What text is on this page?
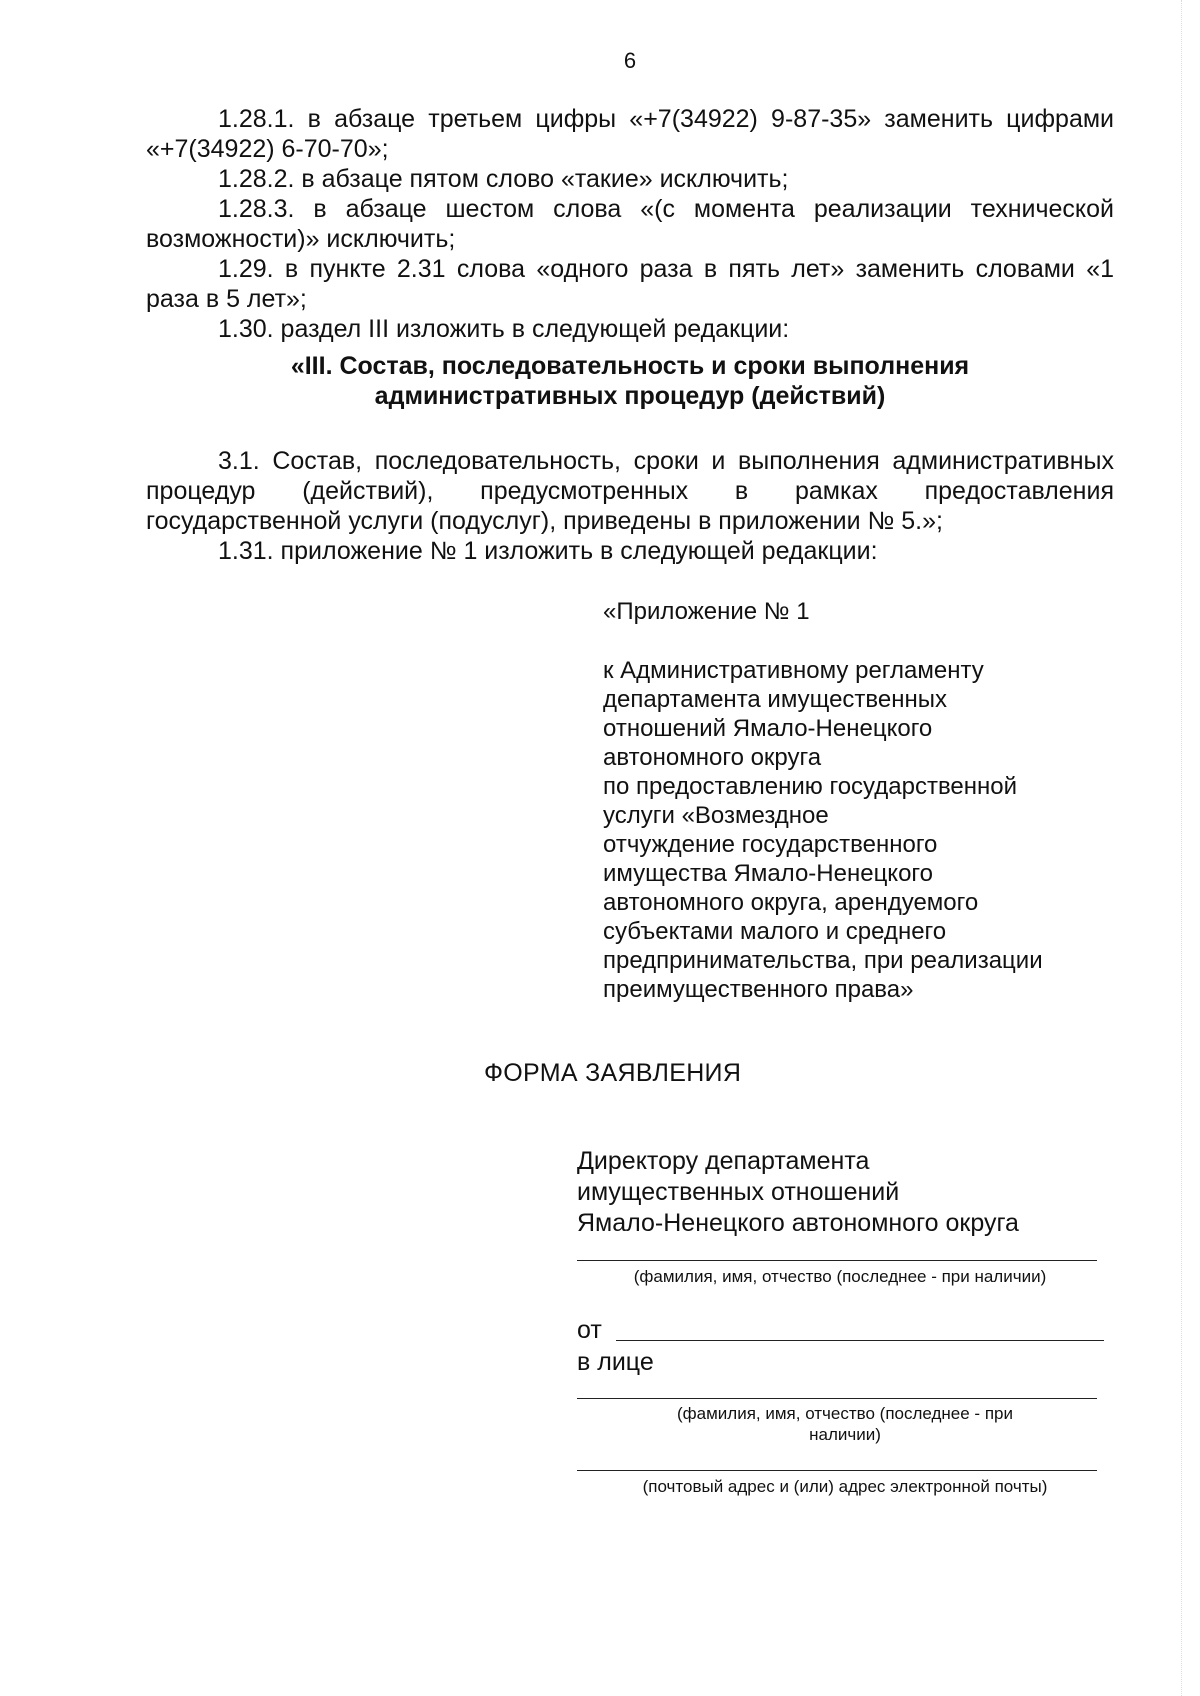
6

1.28.1. в абзаце третьем цифры «+7(34922) 9-87-35» заменить цифрами «+7(34922) 6-70-70»;

1.28.2. в абзаце пятом слово «такие» исключить;

1.28.3. в абзаце шестом слова «(с момента реализации технической возможности)» исключить;

1.29. в пункте 2.31 слова «одного раза в пять лет» заменить словами «1 раза в 5 лет»;

1.30. раздел III изложить в следующей редакции:

«III. Состав, последовательность и сроки выполнения
административных процедур (действий)

3.1. Состав, последовательность, сроки и выполнения административных процедур (действий), предусмотренных в рамках предоставления государственной услуги (подуслуг), приведены в приложении № 5.»;

1.31. приложение № 1 изложить в следующей редакции:

«Приложение № 1

к Административному регламенту
департамента имущественных
отношений Ямало-Ненецкого
автономного округа
по предоставлению государственной
услуги «Возмездное
отчуждение государственного
имущества Ямало-Ненецкого
автономного округа, арендуемого
субъектами малого и среднего
предпринимательства, при реализации
преимущественного права»
ФОРМА ЗАЯВЛЕНИЯ
Директору департамента
имущественных отношений
Ямало-Ненецкого автономного округа
(фамилия, имя, отчество (последнее - при наличии)
от
в лице
(фамилия, имя, отчество (последнее - при наличии)
(почтовый адрес и (или) адрес электронной почты)
